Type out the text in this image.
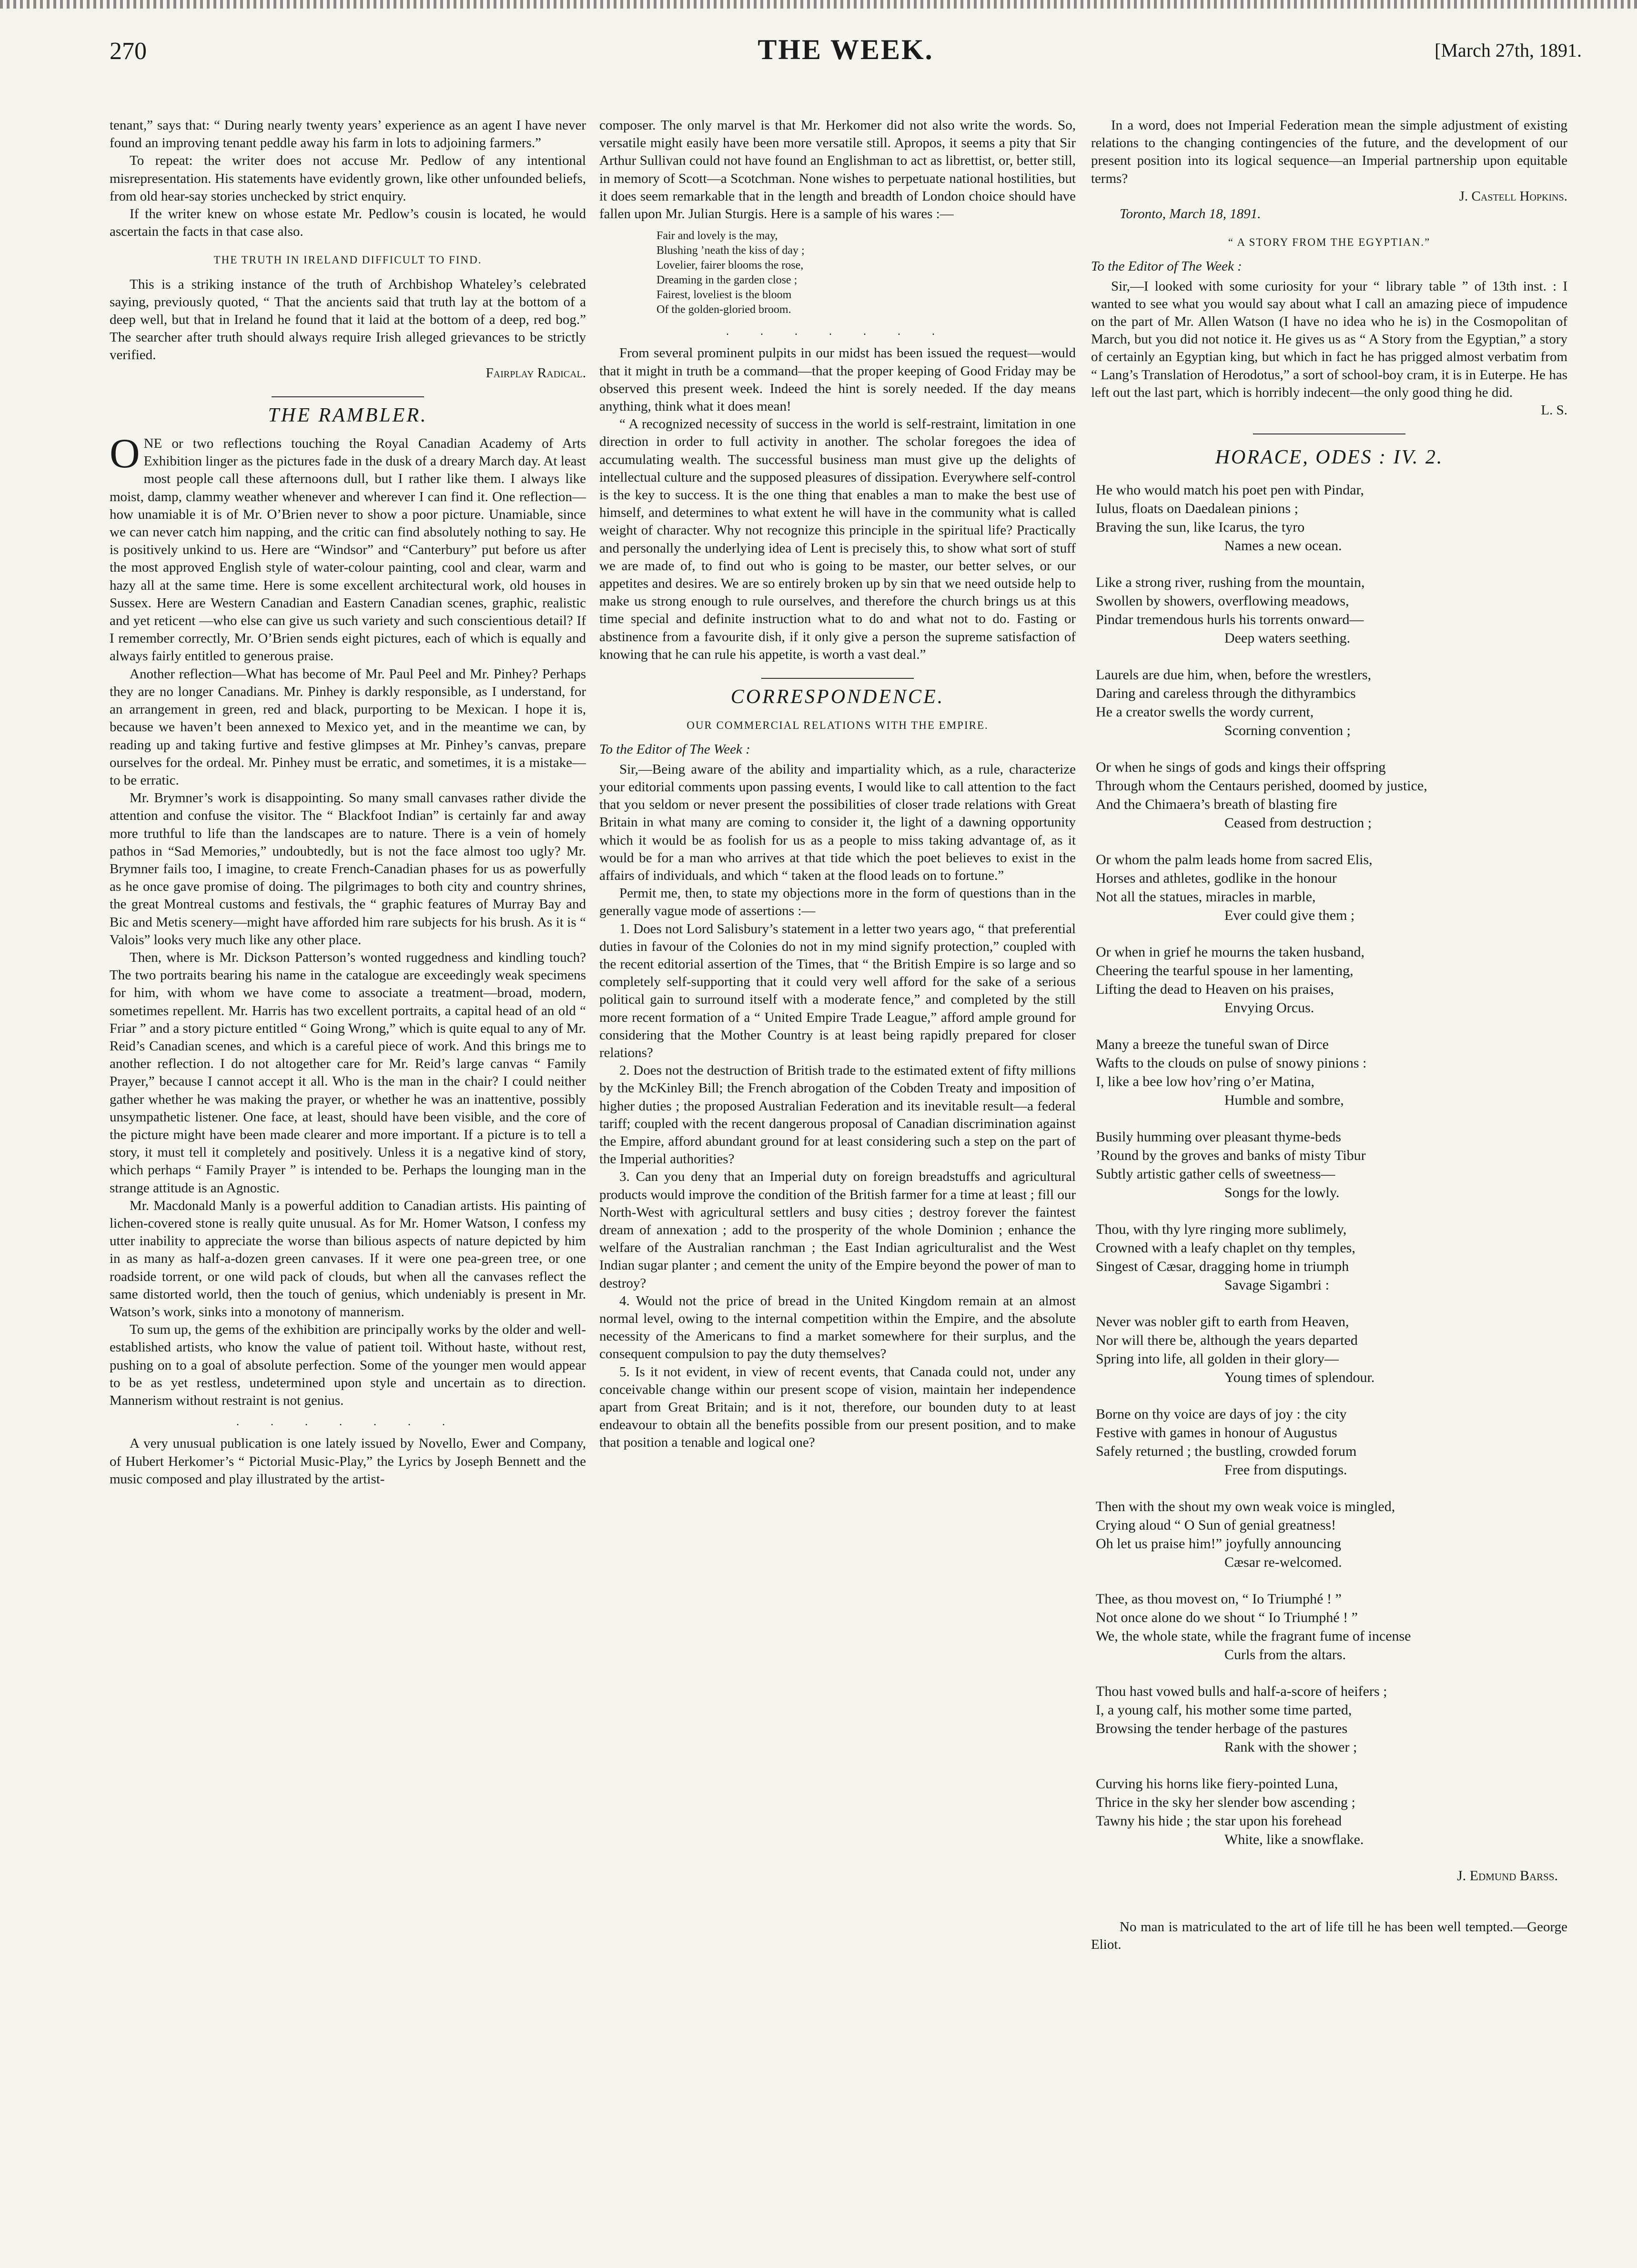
270	THE WEEK.	[March 27th, 1891.

tenant,” says that: “ During nearly twenty years’ experience as an agent I have never found an improving tenant peddle away his farm in lots to adjoining farmers.”

To repeat: the writer does not accuse Mr. Pedlow of any intentional misrepresentation. His statements have evidently grown, like other unfounded beliefs, from old hear-say stories unchecked by strict enquiry.

If the writer knew on whose estate Mr. Pedlow’s cousin is located, he would ascertain the facts in that case also.

THE TRUTH IN IRELAND DIFFICULT TO FIND.

This is a striking instance of the truth of Archbishop Whateley’s celebrated saying, previously quoted, “ That the ancients said that truth lay at the bottom of a deep well, but that in Ireland he found that it laid at the bottom of a deep, red bog.” The searcher after truth should always require Irish alleged grievances to be strictly verified.

Fairplay Radical.

THE RAMBLER.

ONE or two reflections touching the Royal Canadian Academy of Arts Exhibition linger as the pictures fade in the dusk of a dreary March day. At least most people call these afternoons dull, but I rather like them. I always like moist, damp, clammy weather whenever and wherever I can find it. One reflection—how unamiable it is of Mr. O’Brien never to show a poor picture. Unamiable, since we can never catch him napping, and the critic can find absolutely nothing to say. He is positively unkind to us. Here are “Windsor” and “Canterbury” put before us after the most approved English style of water-colour painting, cool and clear, warm and hazy all at the same time. Here is some excellent architectural work, old houses in Sussex. Here are Western Canadian and Eastern Canadian scenes, graphic, realistic and yet reticent —who else can give us such variety and such conscientious detail? If I remember correctly, Mr. O’Brien sends eight pictures, each of which is equally and always fairly entitled to generous praise.

Another reflection—What has become of Mr. Paul Peel and Mr. Pinhey? Perhaps they are no longer Canadians. Mr. Pinhey is darkly responsible, as I understand, for an arrangement in green, red and black, purporting to be Mexican. I hope it is, because we haven’t been annexed to Mexico yet, and in the meantime we can, by reading up and taking furtive and festive glimpses at Mr. Pinhey’s canvas, prepare ourselves for the ordeal. Mr. Pinhey must be erratic, and sometimes, it is a mistake—to be erratic.

Mr. Brymner’s work is disappointing. So many small canvases rather divide the attention and confuse the visitor. The “ Blackfoot Indian” is certainly far and away more truthful to life than the landscapes are to nature. There is a vein of homely pathos in “Sad Memories,” undoubtedly, but is not the face almost too ugly? Mr. Brymner fails too, I imagine, to create French-Canadian phases for us as powerfully as he once gave promise of doing. The pilgrimages to both city and country shrines, the great Montreal customs and festivals, the “ graphic features of Murray Bay and Bic and Metis scenery—might have afforded him rare subjects for his brush. As it is “ Valois” looks very much like any other place.

Then, where is Mr. Dickson Patterson’s wonted ruggedness and kindling touch? The two portraits bearing his name in the catalogue are exceedingly weak specimens for him, with whom we have come to associate a treatment—broad, modern, sometimes repellent. Mr. Harris has two excellent portraits, a capital head of an old “ Friar ” and a story picture entitled “ Going Wrong,” which is quite equal to any of Mr. Reid’s Canadian scenes, and which is a careful piece of work. And this brings me to another reflection. I do not altogether care for Mr. Reid’s large canvas “ Family Prayer,” because I cannot accept it all. Who is the man in the chair? I could neither gather whether he was making the prayer, or whether he was an inattentive, possibly unsympathetic listener. One face, at least, should have been visible, and the core of the picture might have been made clearer and more important. If a picture is to tell a story, it must tell it completely and positively. Unless it is a negative kind of story, which perhaps “ Family Prayer ” is intended to be. Perhaps the lounging man in the strange attitude is an Agnostic.

Mr. Macdonald Manly is a powerful addition to Canadian artists. His painting of lichen-covered stone is really quite unusual. As for Mr. Homer Watson, I confess my utter inability to appreciate the worse than bilious aspects of nature depicted by him in as many as half-a-dozen green canvases. If it were one pea-green tree, or one roadside torrent, or one wild pack of clouds, but when all the canvases reflect the same distorted world, then the touch of genius, which undeniably is present in Mr. Watson’s work, sinks into a monotony of mannerism.

To sum up, the gems of the exhibition are principally works by the older and well-established artists, who know the value of patient toil. Without haste, without rest, pushing on to a goal of absolute perfection. Some of the younger men would appear to be as yet restless, undetermined upon style and uncertain as to direction. Mannerism without restraint is not genius.

. . . . . . .

A very unusual publication is one lately issued by Novello, Ewer and Company, of Hubert Herkomer’s “ Pictorial Music-Play,” the Lyrics by Joseph Bennett and the music composed and play illustrated by the artist-

composer. The only marvel is that Mr. Herkomer did not also write the words. So, versatile might easily have been more versatile still. Apropos, it seems a pity that Sir Arthur Sullivan could not have found an Englishman to act as librettist, or, better still, in memory of Scott—a Scotchman. None wishes to perpetuate national hostilities, but it does seem remarkable that in the length and breadth of London choice should have fallen upon Mr. Julian Sturgis. Here is a sample of his wares :—

Fair and lovely is the may,
Blushing ’neath the kiss of day ;
Lovelier, fairer blooms the rose,
Dreaming in the garden close ;
Fairest, loveliest is the bloom
Of the golden-gloried broom.
. . . . . . .

From several prominent pulpits in our midst has been issued the request—would that it might in truth be a command—that the proper keeping of Good Friday may be observed this present week. Indeed the hint is sorely needed. If the day means anything, think what it does mean!

“ A recognized necessity of success in the world is self-restraint, limitation in one direction in order to full activity in another. The scholar foregoes the idea of accumulating wealth. The successful business man must give up the delights of intellectual culture and the supposed pleasures of dissipation. Everywhere self-control is the key to success. It is the one thing that enables a man to make the best use of himself, and determines to what extent he will have in the community what is called weight of character. Why not recognize this principle in the spiritual life? Practically and personally the underlying idea of Lent is precisely this, to show what sort of stuff we are made of, to find out who is going to be master, our better selves, or our appetites and desires. We are so entirely broken up by sin that we need outside help to make us strong enough to rule ourselves, and therefore the church brings us at this time special and definite instruction what to do and what not to do. Fasting or abstinence from a favourite dish, if it only give a person the supreme satisfaction of knowing that he can rule his appetite, is worth a vast deal.”

CORRESPONDENCE.
OUR COMMERCIAL RELATIONS WITH THE EMPIRE.

To the Editor of The Week :

Sir,—Being aware of the ability and impartiality which, as a rule, characterize your editorial comments upon passing events, I would like to call attention to the fact that you seldom or never present the possibilities of closer trade relations with Great Britain in what many are coming to consider it, the light of a dawning opportunity which it would be as foolish for us as a people to miss taking advantage of, as it would be for a man who arrives at that tide which the poet believes to exist in the affairs of individuals, and which “ taken at the flood leads on to fortune.”

Permit me, then, to state my objections more in the form of questions than in the generally vague mode of assertions :—

1. Does not Lord Salisbury’s statement in a letter two years ago, “ that preferential duties in favour of the Colonies do not in my mind signify protection,” coupled with the recent editorial assertion of the Times, that “ the British Empire is so large and so completely self-supporting that it could very well afford for the sake of a serious political gain to surround itself with a moderate fence,” and completed by the still more recent formation of a “ United Empire Trade League,” afford ample ground for considering that the Mother Country is at least being rapidly prepared for closer relations?

2. Does not the destruction of British trade to the estimated extent of fifty millions by the McKinley Bill; the French abrogation of the Cobden Treaty and imposition of higher duties ; the proposed Australian Federation and its inevitable result—a federal tariff; coupled with the recent dangerous proposal of Canadian discrimination against the Empire, afford abundant ground for at least considering such a step on the part of the Imperial authorities?

3. Can you deny that an Imperial duty on foreign breadstuffs and agricultural products would improve the condition of the British farmer for a time at least ; fill our North-West with agricultural settlers and busy cities ; destroy forever the faintest dream of annexation ; add to the prosperity of the whole Dominion ; enhance the welfare of the Australian ranchman ; the East Indian agriculturalist and the West Indian sugar planter ; and cement the unity of the Empire beyond the power of man to destroy?

4. Would not the price of bread in the United Kingdom remain at an almost normal level, owing to the internal competition within the Empire, and the absolute necessity of the Americans to find a market somewhere for their surplus, and the consequent compulsion to pay the duty themselves?

5. Is it not evident, in view of recent events, that Canada could not, under any conceivable change within our present scope of vision, maintain her independence apart from Great Britain; and is it not, therefore, our bounden duty to at least endeavour to obtain all the benefits possible from our present position, and to make that position a tenable and logical one?

In a word, does not Imperial Federation mean the simple adjustment of existing relations to the changing contingencies of the future, and the development of our present position into its logical sequence—an Imperial partnership upon equitable terms?

J. Castell Hopkins.

Toronto, March 18, 1891.

“ A STORY FROM THE EGYPTIAN.”

To the Editor of The Week :

Sir,—I looked with some curiosity for your “ library table ” of 13th inst. : I wanted to see what you would say about what I call an amazing piece of impudence on the part of Mr. Allen Watson (I have no idea who he is) in the Cosmopolitan of March, but you did not notice it. He gives us as “ A Story from the Egyptian,” a story of certainly an Egyptian king, but which in fact he has prigged almost verbatim from “ Lang’s Translation of Herodotus,” a sort of school-boy cram, it is in Euterpe. He has left out the last part, which is horribly indecent—the only good thing he did.

L. S.

HORACE, ODES : IV. 2.
He who would match his poet pen with Pindar,
Iulus, floats on Daedalean pinions ;
Braving the sun, like Icarus, the tyro
Names a new ocean.
Like a strong river, rushing from the mountain,
Swollen by showers, overflowing meadows,
Pindar tremendous hurls his torrents onward—
Deep waters seething.
Laurels are due him, when, before the wrestlers,
Daring and careless through the dithyrambics
He a creator swells the wordy current,
Scorning convention ;
Or when he sings of gods and kings their offspring
Through whom the Centaurs perished, doomed by justice,
And the Chimaera’s breath of blasting fire
Ceased from destruction ;
Or whom the palm leads home from sacred Elis,
Horses and athletes, godlike in the honour
Not all the statues, miracles in marble,
Ever could give them ;
Or when in grief he mourns the taken husband,
Cheering the tearful spouse in her lamenting,
Lifting the dead to Heaven on his praises,
Envying Orcus.
Many a breeze the tuneful swan of Dirce
Wafts to the clouds on pulse of snowy pinions :
I, like a bee low hov’ring o’er Matina,
Humble and sombre,
Busily humming over pleasant thyme-beds
’Round by the groves and banks of misty Tibur
Subtly artistic gather cells of sweetness—
Songs for the lowly.
Thou, with thy lyre ringing more sublimely,
Crowned with a leafy chaplet on thy temples,
Singest of Cæsar, dragging home in triumph
Savage Sigambri :
Never was nobler gift to earth from Heaven,
Nor will there be, although the years departed
Spring into life, all golden in their glory—
Young times of splendour.
Borne on thy voice are days of joy : the city
Festive with games in honour of Augustus
Safely returned ; the bustling, crowded forum
Free from disputings.
Then with the shout my own weak voice is mingled,
Crying aloud “ O Sun of genial greatness!
Oh let us praise him!” joyfully announcing
Cæsar re-welcomed.
Thee, as thou movest on, “ Io Triumphé ! ”
Not once alone do we shout “ Io Triumphé ! ”
We, the whole state, while the fragrant fume of incense
Curls from the altars.
Thou hast vowed bulls and half-a-score of heifers ;
I, a young calf, his mother some time parted,
Browsing the tender herbage of the pastures
Rank with the shower ;
Curving his horns like fiery-pointed Luna,
Thrice in the sky her slender bow ascending ;
Tawny his hide ; the star upon his forehead
White, like a snowflake.

J. Edmund Barss.

No man is matriculated to the art of life till he has been well tempted.—George Eliot.
